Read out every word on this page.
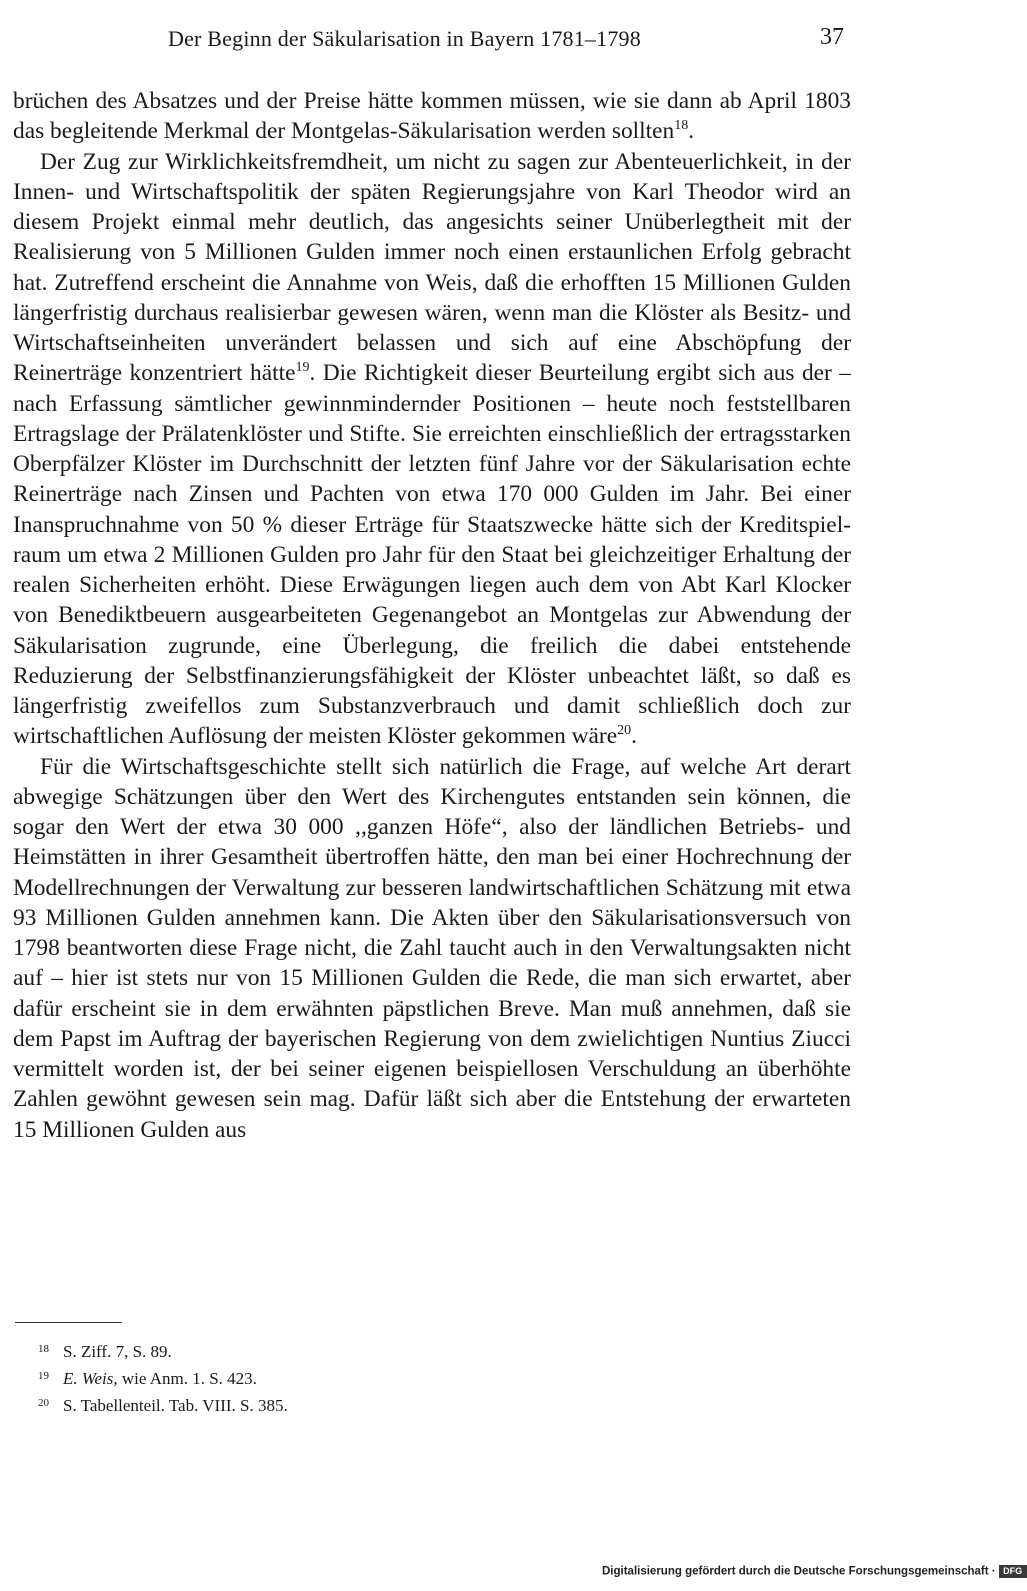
Der Beginn der Säkularisation in Bayern 1781–1798	37

brüchen des Absatzes und der Preise hätte kommen müssen, wie sie dann ab April 1803 das begleitende Merkmal der Montgelas-Säkularisation werden sollten$^{18}$.

Der Zug zur Wirklichkeitsfremdheit, um nicht zu sagen zur Abenteuerlichkeit, in der Innen- und Wirtschaftspolitik der späten Regierungsjahre von Karl Theodor wird an diesem Projekt einmal mehr deutlich, das angesichts seiner Unüberlegtheit mit der Realisierung von 5 Millionen Gulden immer noch einen erstaunlichen Erfolg gebracht hat. Zutreffend erscheint die Annahme von Weis, daß die erhofften 15 Millionen Gulden längerfristig durchaus realisierbar gewesen wären, wenn man die Klöster als Besitz- und Wirtschaftseinheiten unverändert belassen und sich auf eine Abschöpfung der Reinerträge konzentriert hätte$^{19}$. Die Richtigkeit dieser Beurteilung ergibt sich aus der – nach Erfassung sämtlicher gewinnmindernder Positionen – heute noch feststellbaren Ertragslage der Prälatenklöster und Stifte. Sie erreichten einschließlich der ertragsstarken Oberpfälzer Klöster im Durchschnitt der letzten fünf Jahre vor der Säkularisation echte Reinerträge nach Zinsen und Pachten von etwa 170 000 Gulden im Jahr. Bei einer Inanspruchnahme von 50 % dieser Erträge für Staatszwecke hätte sich der Kreditspielraum um etwa 2 Millionen Gulden pro Jahr für den Staat bei gleichzeitiger Erhaltung der realen Sicherheiten erhöht. Diese Erwägungen liegen auch dem von Abt Karl Klocker von Benediktbeuern ausgearbeiteten Gegenangebot an Montgelas zur Abwendung der Säkularisation zugrunde, eine Überlegung, die freilich die dabei entstehende Reduzierung der Selbstfinanzierungsfähigkeit der Klöster unbeachtet läßt, so daß es längerfristig zweifellos zum Substanzverbrauch und damit schließlich doch zur wirtschaftlichen Auflösung der meisten Klöster gekommen wäre$^{20}$.

Für die Wirtschaftsgeschichte stellt sich natürlich die Frage, auf welche Art derart abwegige Schätzungen über den Wert des Kirchengutes entstanden sein können, die sogar den Wert der etwa 30 000 ,,ganzen Höfe“, also der ländlichen Betriebs- und Heimstätten in ihrer Gesamtheit übertroffen hätte, den man bei einer Hochrechnung der Modellrechnungen der Verwaltung zur besseren landwirtschaftlichen Schätzung mit etwa 93 Millionen Gulden annehmen kann. Die Akten über den Säkularisationsversuch von 1798 beantworten diese Frage nicht, die Zahl taucht auch in den Verwaltungsakten nicht auf – hier ist stets nur von 15 Millionen Gulden die Rede, die man sich erwartet, aber dafür erscheint sie in dem erwähnten päpstlichen Breve. Man muß annehmen, daß sie dem Papst im Auftrag der bayerischen Regierung von dem zwielichtigen Nuntius Ziucci vermittelt worden ist, der bei seiner eigenen beispiellosen Verschuldung an überhöhte Zahlen gewöhnt gewesen sein mag. Dafür läßt sich aber die Entstehung der erwarteten 15 Millionen Gulden aus

18 S. Ziff. 7, S. 89.
19 E. Weis, wie Anm. 1. S. 423.
20 S. Tabellenteil. Tab. VIII. S. 385.
Digitalisierung gefördert durch die Deutsche Forschungsgemeinschaft · DFG
